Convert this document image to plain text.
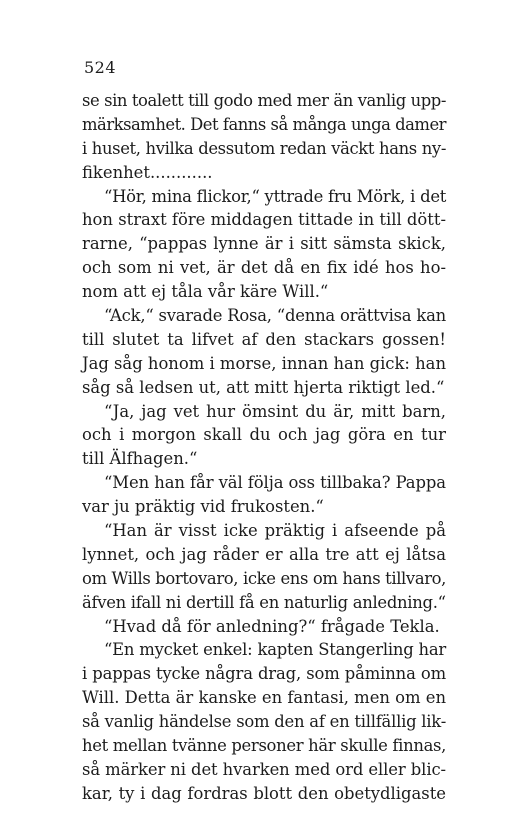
524
se sin toalett till godo med mer än vanlig upp-
märksamhet. Det fanns så många unga damer
i huset, hvilka dessutom redan väckt hans ny-
fikenhet............
“Hör, mina flickor,“ yttrade fru Mörk, i det
hon straxt före middagen tittade in till dött-
rarne, “pappas lynne är i sitt sämsta skick,
och som ni vet, är det då en fix idé hos ho-
nom att ej tåla vår käre Will.“
“Ack,“ svarade Rosa, “denna orättvisa kan
till slutet ta lifvet af den stackars gossen!
Jag såg honom i morse, innan han gick: han
såg så ledsen ut, att mitt hjerta riktigt led.“
“Ja, jag vet hur ömsint du är, mitt barn,
och i morgon skall du och jag göra en tur
till Älfhagen.“
“Men han får väl följa oss tillbaka? Pappa
var ju präktig vid frukosten.“
“Han är visst icke präktig i afseende på
lynnet, och jag råder er alla tre att ej låtsa
om Wills bortovaro, icke ens om hans tillvaro,
äfven ifall ni dertill få en naturlig anledning.“
“Hvad då för anledning?“ frågade Tekla.
“En mycket enkel: kapten Stangerling har
i pappas tycke några drag, som påminna om
Will. Detta är kanske en fantasi, men om en
så vanlig händelse som den af en tillfällig lik-
het mellan tvänne personer här skulle finnas,
så märker ni det hvarken med ord eller blic-
kar, ty i dag fordras blott den obetydligaste
